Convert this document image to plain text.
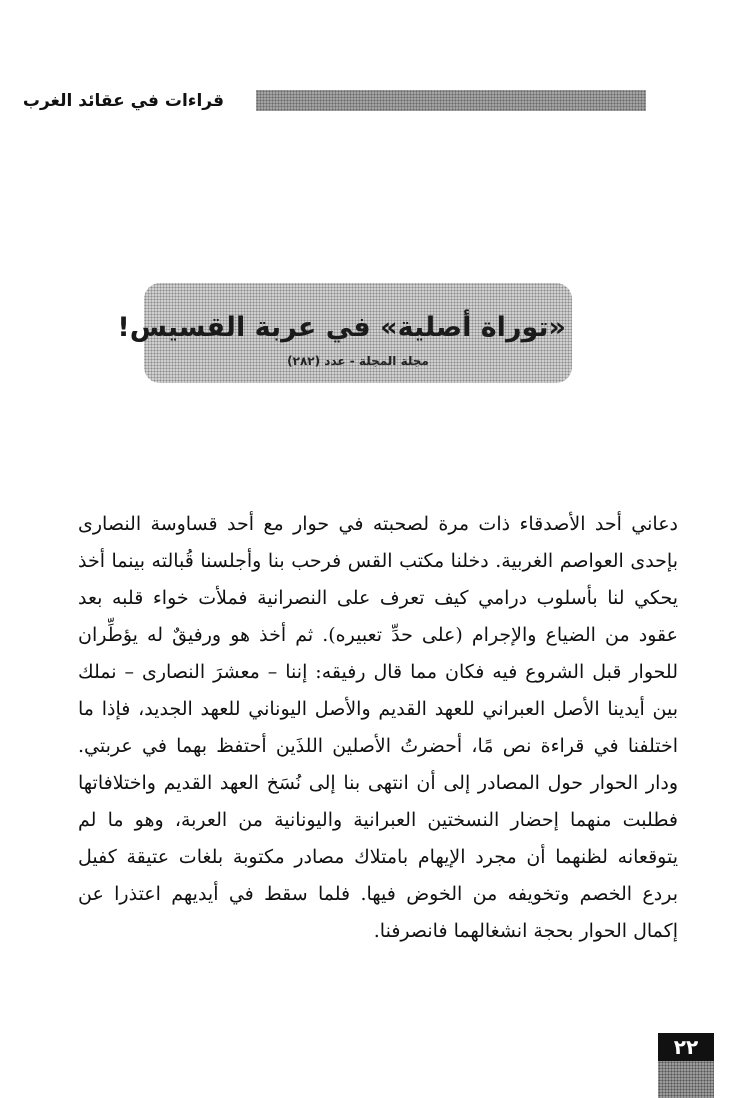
قراءات في عقائد الغرب
«توراة أصلية» في عربة القسيس!
مجلة المجلة - عدد (٢٨٢)

دعاني أحد الأصدقاء ذات مرة لصحبته في حوار مع أحد قساوسة النصارى بإحدى العواصم الغربية. دخلنا مكتب القس فرحب بنا وأجلسنا قُبالته بينما أخذ يحكي لنا بأسلوب درامي كيف تعرف على النصرانية فملأت خواء قلبه بعد عقود من الضياع والإجرام (على حدِّ تعبيره). ثم أخذ هو ورفيقٌ له يؤطِّران للحوار قبل الشروع فيه فكان مما قال رفيقه: إننا – معشرَ النصارى – نملك بين أيدينا الأصل العبراني للعهد القديم والأصل اليوناني للعهد الجديد، فإذا ما اختلفنا في قراءة نص مًا، أحضرتُ الأصلين اللذَين أحتفظ بهما في عربتي. ودار الحوار حول المصادر إلى أن انتهى بنا إلى نُسَخ العهد القديم واختلافاتها فطلبت منهما إحضار النسختين العبرانية واليونانية من العربة، وهو ما لم يتوقعانه لظنهما أن مجرد الإيهام بامتلاك مصادر مكتوبة بلغات عتيقة كفيل بردع الخصم وتخويفه من الخوض فيها. فلما سقط في أيديهم اعتذرا عن إكمال الحوار بحجة انشغالهما فانصرفنا.

٢٢
